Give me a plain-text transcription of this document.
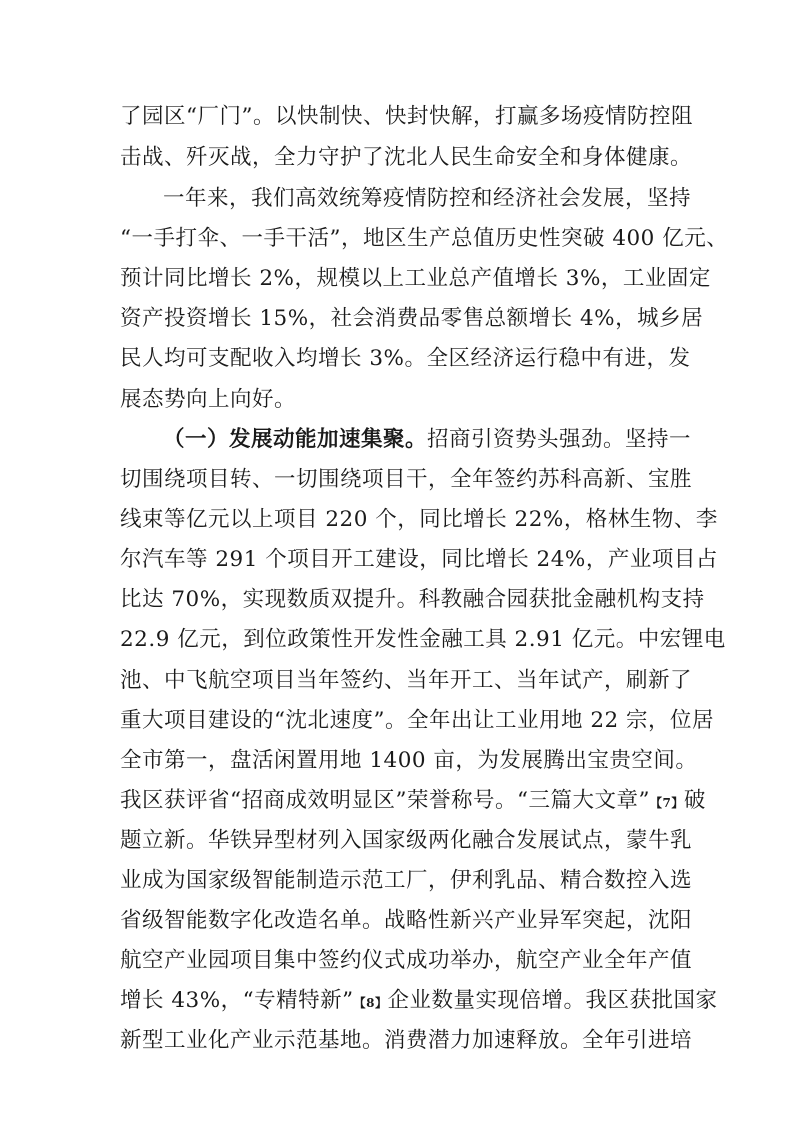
了园区“厂门”。以快制快、快封快解，打赢多场疫情防控阻
击战、歼灭战，全力守护了沈北人民生命安全和身体健康。
一年来，我们高效统筹疫情防控和经济社会发展，坚持
“一手打伞、一手干活”，地区生产总值历史性突破 400 亿元、
预计同比增长 2%，规模以上工业总产值增长 3%，工业固定
资产投资增长 15%，社会消费品零售总额增长 4%，城乡居
民人均可支配收入均增长 3%。全区经济运行稳中有进，发
展态势向上向好。
（一）发展动能加速集聚。 招商引资势头强劲。坚持一
切围绕项目转、一切围绕项目干，全年签约苏科高新、宝胜
线束等亿元以上项目 220 个，同比增长 22%，格林生物、李
尔汽车等 291 个项目开工建设，同比增长 24%，产业项目占
比达 70%，实现数质双提升。科教融合园获批金融机构支持
22.9 亿元，到位政策性开发性金融工具 2.91 亿元。中宏锂电
池、中飞航空项目当年签约、当年开工、当年试产，刷新了
重大项目建设的“沈北速度”。全年出让工业用地 22 宗，位居
全市第一，盘活闲置用地 1400 亩，为发展腾出宝贵空间。
我区获评省“招商成效明显区”荣誉称号。“三篇大文章” 【7】 破
题立新。华铁异型材列入国家级两化融合发展试点，蒙牛乳
业成为国家级智能制造示范工厂，伊利乳品、精合数控入选
省级智能数字化改造名单。战略性新兴产业异军突起，沈阳
航空产业园项目集中签约仪式成功举办，航空产业全年产值
增长 43%，“专精特新” 【8】 企业数量实现倍增。我区获批国家
新型工业化产业示范基地。消费潜力加速释放。全年引进培
